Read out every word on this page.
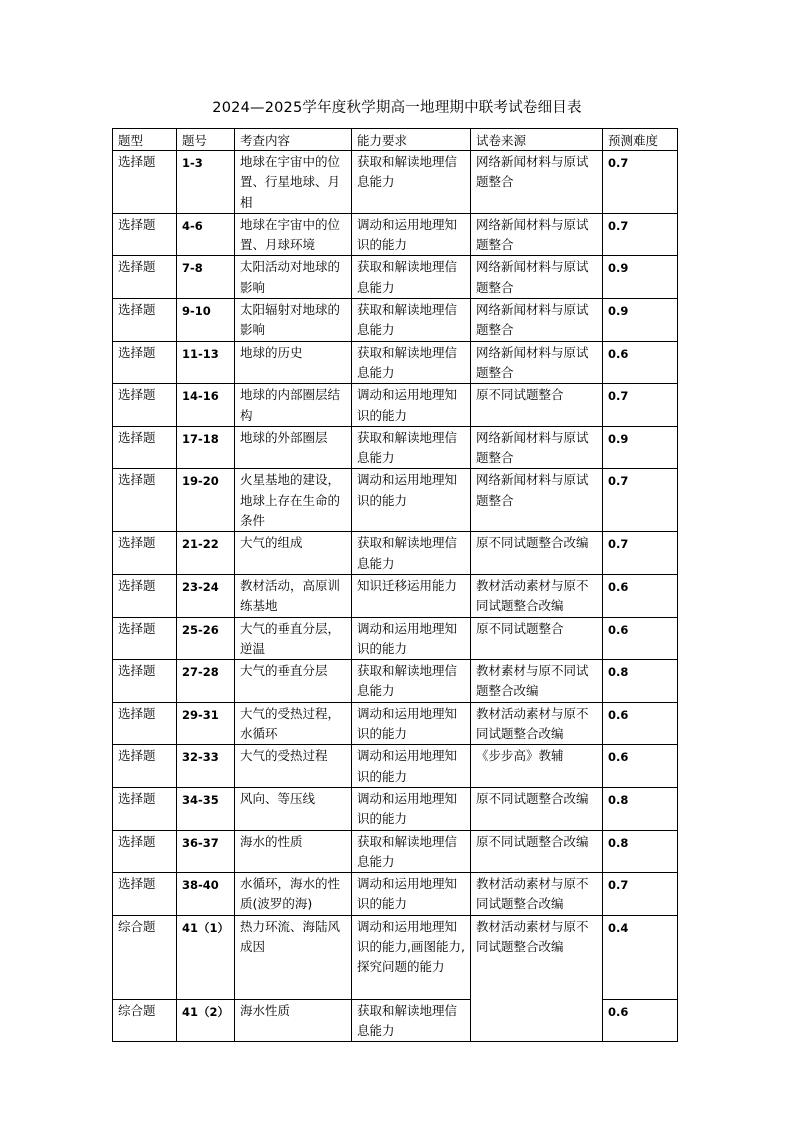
2024—2025学年度秋学期高一地理期中联考试卷细目表
题型	题号	考查内容	能力要求	试卷来源	预测难度
选择题	1-3	地球在宇宙中的位置、行星地球、月相	获取和解读地理信息能力	网络新闻材料与原试题整合	0.7
选择题	4-6	地球在宇宙中的位置、月球环境	调动和运用地理知识的能力	网络新闻材料与原试题整合	0.7
选择题	7-8	太阳活动对地球的影响	获取和解读地理信息能力	网络新闻材料与原试题整合	0.9
选择题	9-10	太阳辐射对地球的影响	获取和解读地理信息能力	网络新闻材料与原试题整合	0.9
选择题	11-13	地球的历史	获取和解读地理信息能力	网络新闻材料与原试题整合	0.6
选择题	14-16	地球的内部圈层结构	调动和运用地理知识的能力	原不同试题整合	0.7
选择题	17-18	地球的外部圈层	获取和解读地理信息能力	网络新闻材料与原试题整合	0.9
选择题	19-20	火星基地的建设，地球上存在生命的条件	调动和运用地理知识的能力	网络新闻材料与原试题整合	0.7
选择题	21-22	大气的组成	获取和解读地理信息能力	原不同试题整合改编	0.7
选择题	23-24	教材活动，高原训练基地	知识迁移运用能力	教材活动素材与原不同试题整合改编	0.6
选择题	25-26	大气的垂直分层，逆温	调动和运用地理知识的能力	原不同试题整合	0.6
选择题	27-28	大气的垂直分层	获取和解读地理信息能力	教材素材与原不同试题整合改编	0.8
选择题	29-31	大气的受热过程，水循环	调动和运用地理知识的能力	教材活动素材与原不同试题整合改编	0.6
选择题	32-33	大气的受热过程	调动和运用地理知识的能力	《步步高》教辅	0.6
选择题	34-35	风向、等压线	调动和运用地理知识的能力	原不同试题整合改编	0.8
选择题	36-37	海水的性质	获取和解读地理信息能力	原不同试题整合改编	0.8
选择题	38-40	水循环，海水的性质(波罗的海)	调动和运用地理知识的能力	教材活动素材与原不同试题整合改编	0.7
综合题	41（1）	热力环流、海陆风成因	调动和运用地理知识的能力,画图能力,探究问题的能力	教材活动素材与原不同试题整合改编	0.4
综合题	41（2）	海水性质	获取和解读地理信息能力		0.6
